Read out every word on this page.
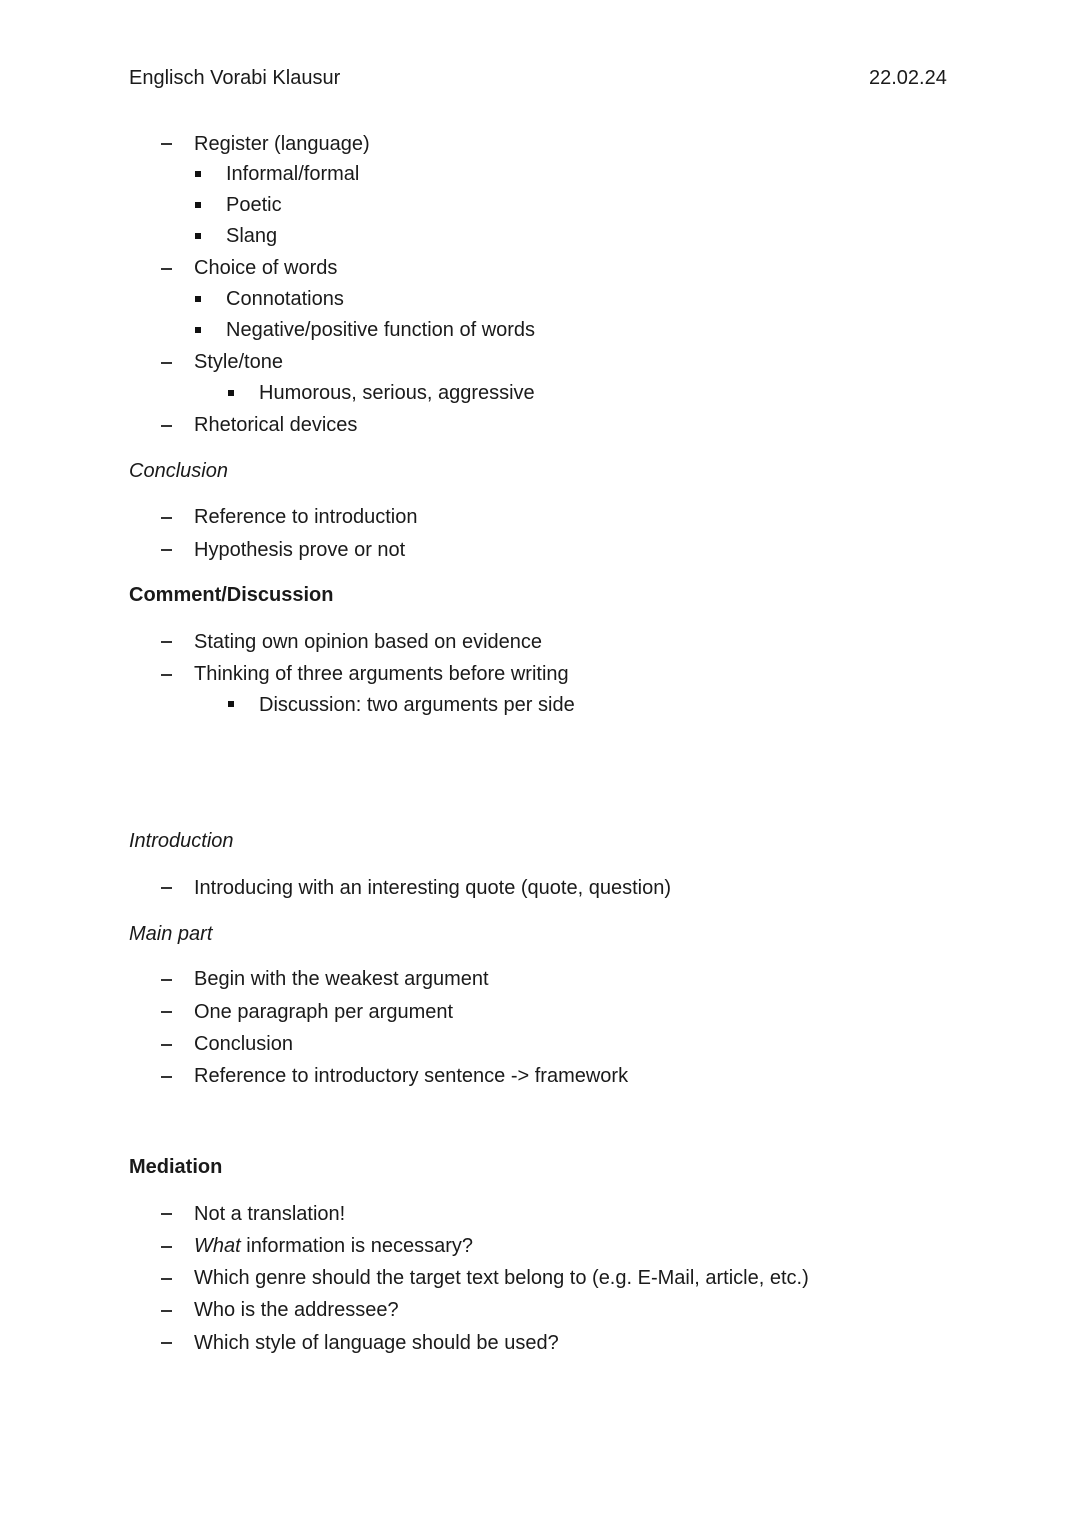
Englisch Vorabi Klausur	22.02.24
Register (language)
Informal/formal
Poetic
Slang
Choice of words
Connotations
Negative/positive function of words
Style/tone
Humorous, serious, aggressive
Rhetorical devices
Conclusion
Reference to introduction
Hypothesis prove or not
Comment/Discussion
Stating own opinion based on evidence
Thinking of three arguments before writing
Discussion: two arguments per side
Introduction
Introducing with an interesting quote (quote, question)
Main part
Begin with the weakest argument
One paragraph per argument
Conclusion
Reference to introductory sentence -> framework
Mediation
Not a translation!
What information is necessary?
Which genre should the target text belong to (e.g. E-Mail, article, etc.)
Who is the addressee?
Which style of language should be used?
